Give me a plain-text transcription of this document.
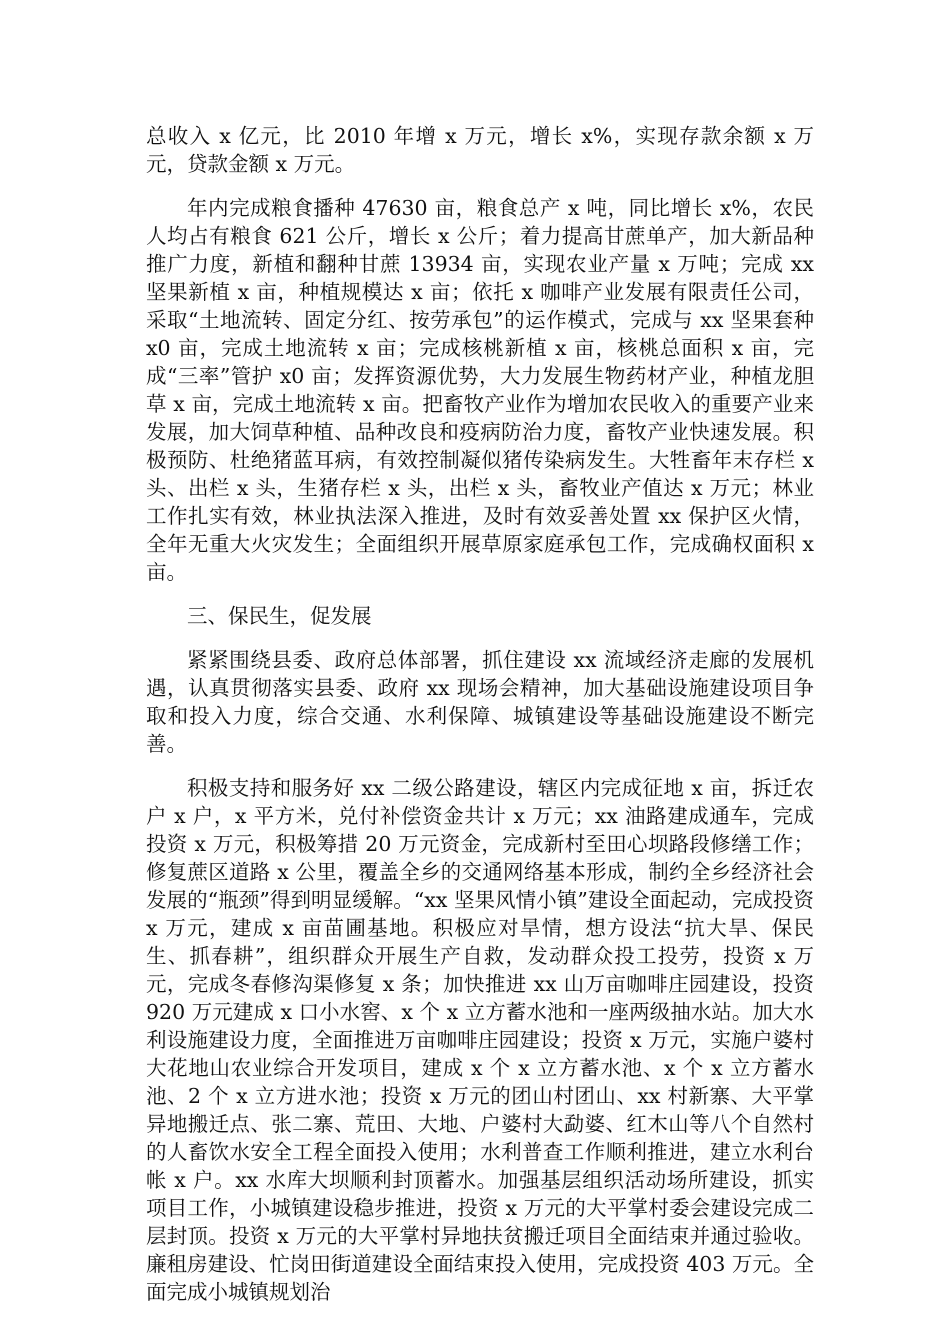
总收入 x 亿元，比 2010 年增 x 万元，增长 x%，实现存款余额 x 万元，贷款金额 x 万元。

年内完成粮食播种 47630 亩，粮食总产 x 吨，同比增长 x%，农民人均占有粮食 621 公斤，增长 x 公斤；着力提高甘蔗单产，加大新品种推广力度，新植和翻种甘蔗 13934 亩，实现农业产量 x 万吨；完成 xx 坚果新植 x 亩，种植规模达 x 亩；依托 x 咖啡产业发展有限责任公司，采取“土地流转、固定分红、按劳承包”的运作模式，完成与 xx 坚果套种 x0 亩，完成土地流转 x 亩；完成核桃新植 x 亩，核桃总面积 x 亩，完成“三率”管护 x0 亩；发挥资源优势，大力发展生物药材产业，种植龙胆草 x 亩，完成土地流转 x 亩。把畜牧产业作为增加农民收入的重要产业来发展，加大饲草种植、品种改良和疫病防治力度，畜牧产业快速发展。积极预防、杜绝猪蓝耳病，有效控制凝似猪传染病发生。大牲畜年末存栏 x 头、出栏 x 头，生猪存栏 x 头，出栏 x 头，畜牧业产值达 x 万元；林业工作扎实有效，林业执法深入推进，及时有效妥善处置 xx 保护区火情，全年无重大火灾发生；全面组织开展草原家庭承包工作，完成确权面积 x 亩。

三、保民生，促发展

紧紧围绕县委、政府总体部署，抓住建设 xx 流域经济走廊的发展机遇，认真贯彻落实县委、政府 xx 现场会精神，加大基础设施建设项目争取和投入力度，综合交通、水利保障、城镇建设等基础设施建设不断完善。

积极支持和服务好 xx 二级公路建设，辖区内完成征地 x 亩，拆迁农户 x 户，x 平方米，兑付补偿资金共计 x 万元；xx 油路建成通车，完成投资 x 万元，积极筹措 20 万元资金，完成新村至田心坝路段修缮工作；修复蔗区道路 x 公里，覆盖全乡的交通网络基本形成，制约全乡经济社会发展的“瓶颈”得到明显缓解。“xx 坚果风情小镇”建设全面起动，完成投资 x 万元，建成 x 亩苗圃基地。积极应对旱情，想方设法“抗大旱、保民生、抓春耕”，组织群众开展生产自救，发动群众投工投劳，投资 x 万元，完成冬春修沟渠修复 x 条；加快推进 xx 山万亩咖啡庄园建设，投资 920 万元建成 x 口小水窖、x 个 x 立方蓄水池和一座两级抽水站。加大水利设施建设力度，全面推进万亩咖啡庄园建设；投资 x 万元，实施户婆村大花地山农业综合开发项目，建成 x 个 x 立方蓄水池、x 个 x 立方蓄水池、2 个 x 立方进水池；投资 x 万元的团山村团山、xx 村新寨、大平掌异地搬迁点、张二寨、荒田、大地、户婆村大勐婆、红木山等八个自然村的人畜饮水安全工程全面投入使用；水利普查工作顺利推进，建立水利台帐 x 户。xx 水库大坝顺利封顶蓄水。加强基层组织活动场所建设，抓实项目工作，小城镇建设稳步推进，投资 x 万元的大平掌村委会建设完成二层封顶。投资 x 万元的大平掌村异地扶贫搬迁项目全面结束并通过验收。廉租房建设、忙岗田街道建设全面结束投入使用，完成投资 403 万元。全面完成小城镇规划治
